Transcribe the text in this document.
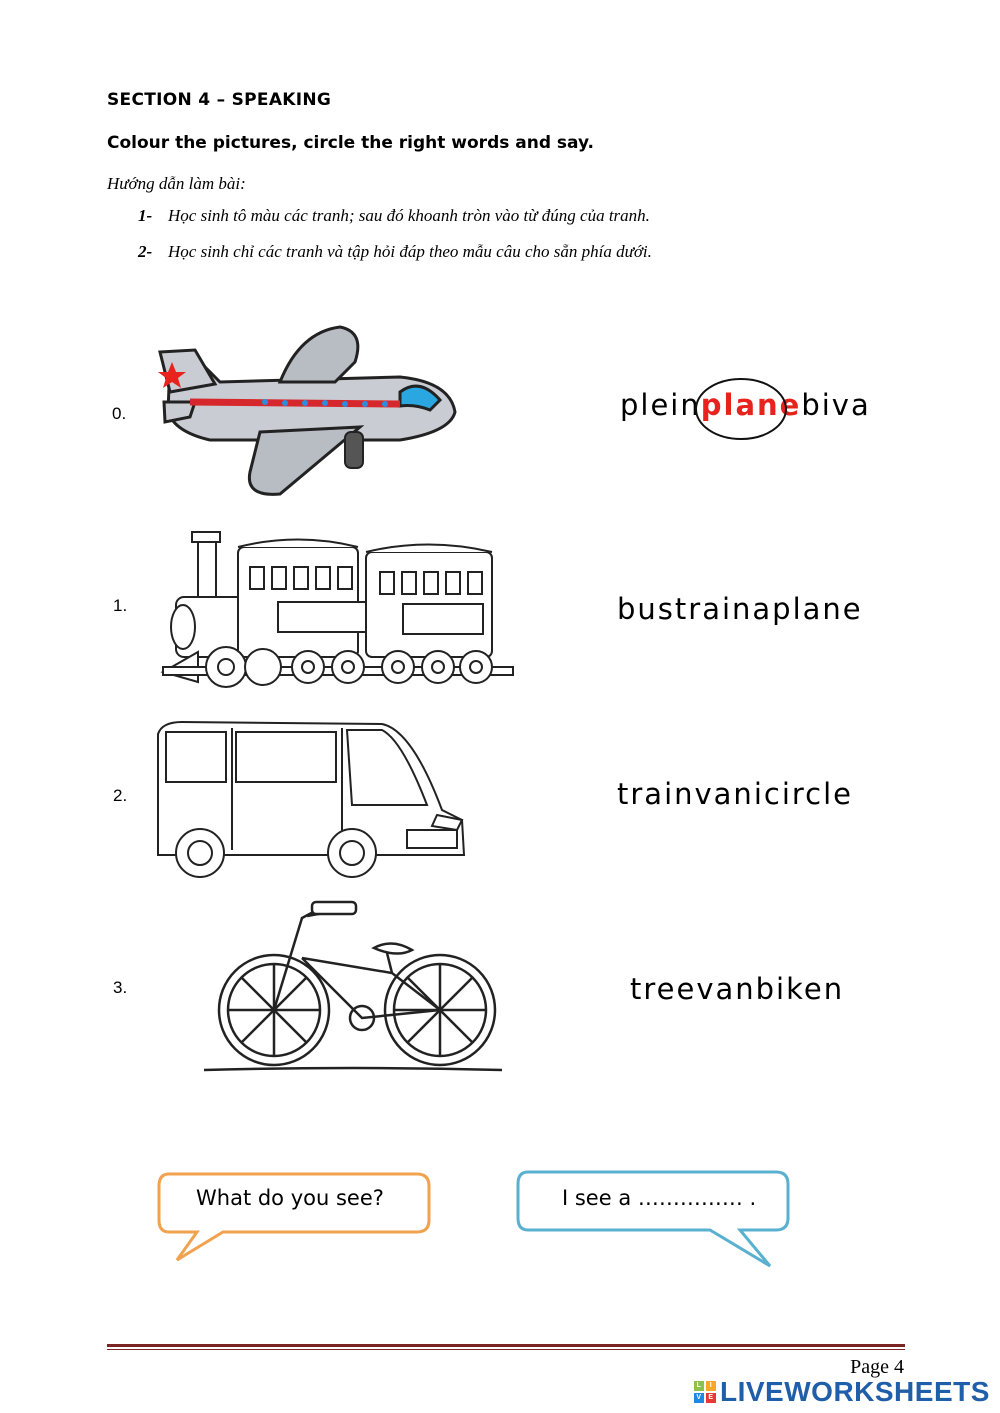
SECTION 4 – SPEAKING
Colour the pictures, circle the right words and say.
Hướng dẫn làm bài:
1- Học sinh tô màu các tranh; sau đó khoanh tròn vào từ đúng của tranh.
2- Học sinh chỉ các tranh và tập hỏi đáp theo mẫu câu cho sẵn phía dưới.
0.	pleinplanebiva
1.	bustrainaplane
2.	trainvanicircle
3.	treevanbiken
What do you see?	I see a …………… .
Page 4
L	I
V E LIVEWORKSHEETS
